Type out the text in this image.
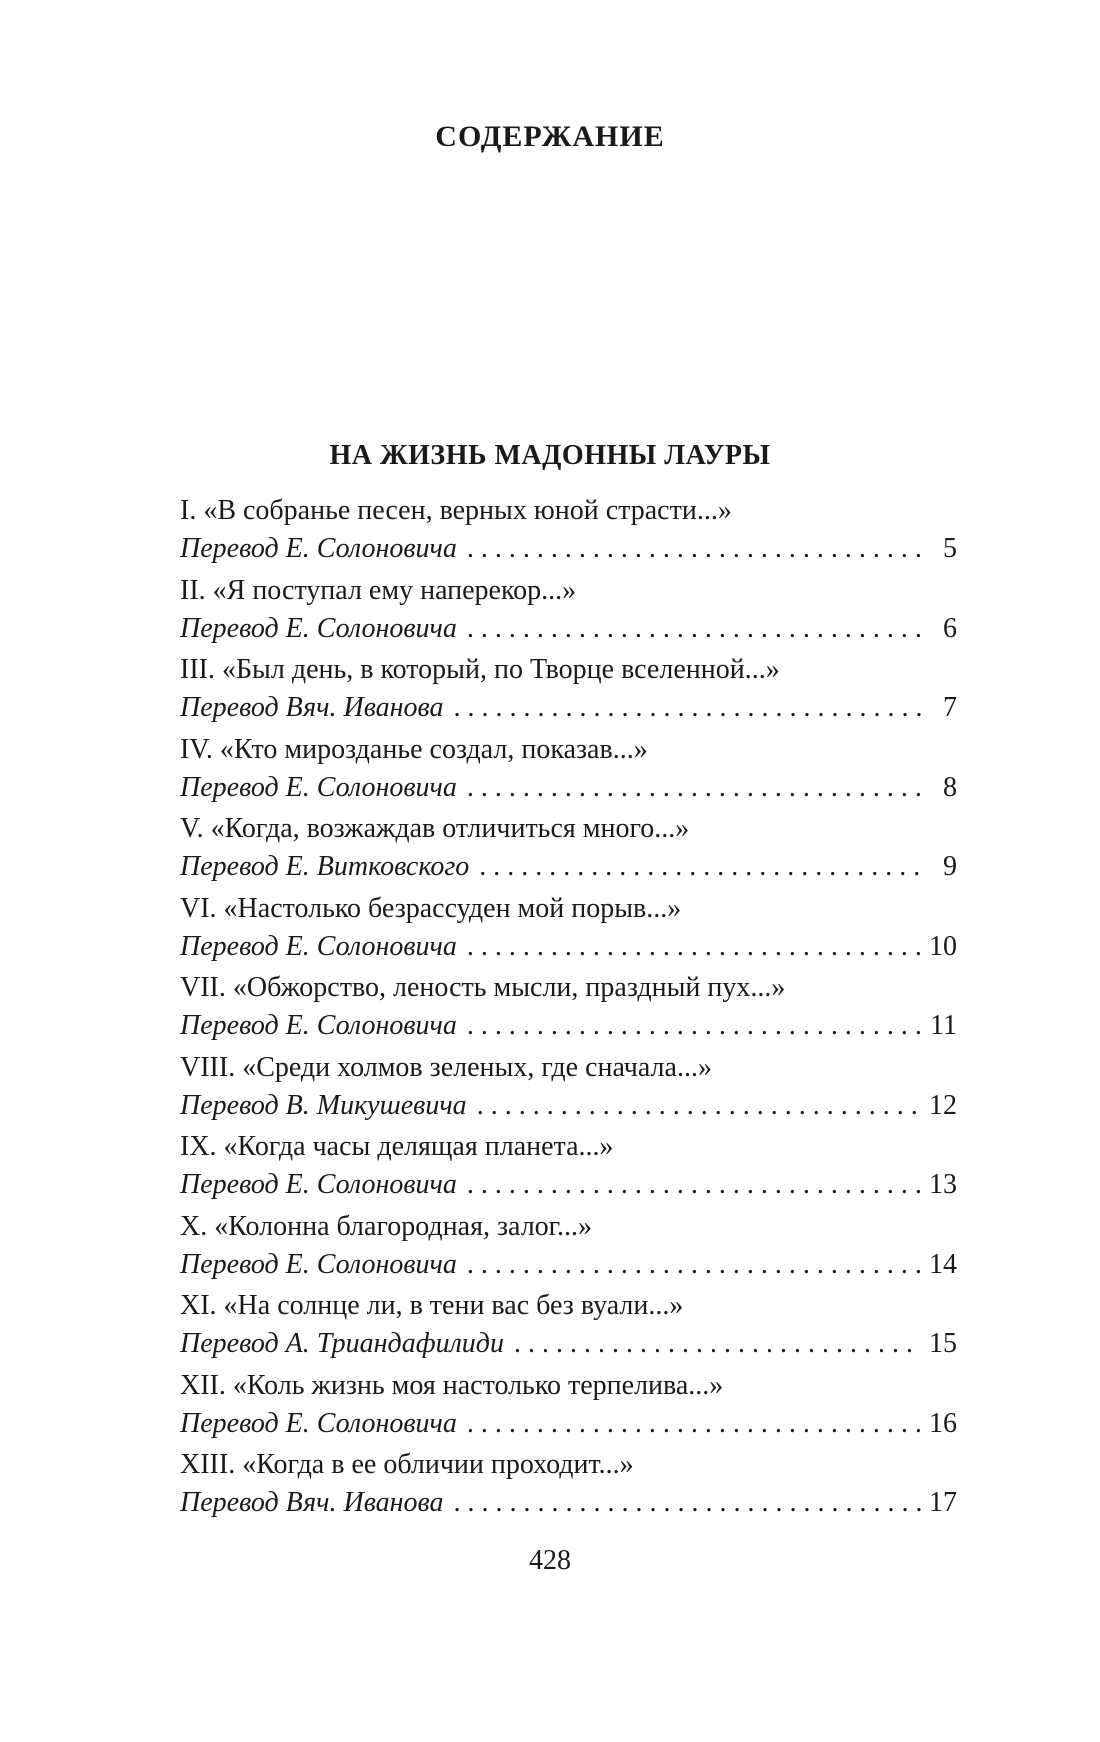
СОДЕРЖАНИЕ
НА ЖИЗНЬ МАДОННЫ ЛАУРЫ
I. «В собранье песен, верных юной страсти...»
Перевод Е. Солоновича . . .	5
II. «Я поступал ему наперекор...»
Перевод Е. Солоновича . . .	6
III. «Был день, в который, по Творце вселенной...»
Перевод Вяч. Иванова . . .	7
IV. «Кто мирозданье создал, показав...»
Перевод Е. Солоновича . . .	8
V. «Когда, возжаждав отличиться много...»
Перевод Е. Витковского . . .	9
VI. «Настолько безрассуден мой порыв...»
Перевод Е. Солоновича . . .	10
VII. «Обжорство, леность мысли, праздный пух...»
Перевод Е. Солоновича . . .	11
VIII. «Среди холмов зеленых, где сначала...»
Перевод В. Микушевича . . .	12
IX. «Когда часы делящая планета...»
Перевод Е. Солоновича . . .	13
X. «Колонна благородная, залог...»
Перевод Е. Солоновича . . .	14
XI. «На солнце ли, в тени вас без вуали...»
Перевод А. Триандафилиди . . .	15
XII. «Коль жизнь моя настолько терпелива...»
Перевод Е. Солоновича . . .	16
XIII. «Когда в ее обличии проходит...»
Перевод Вяч. Иванова . . .	17
428
